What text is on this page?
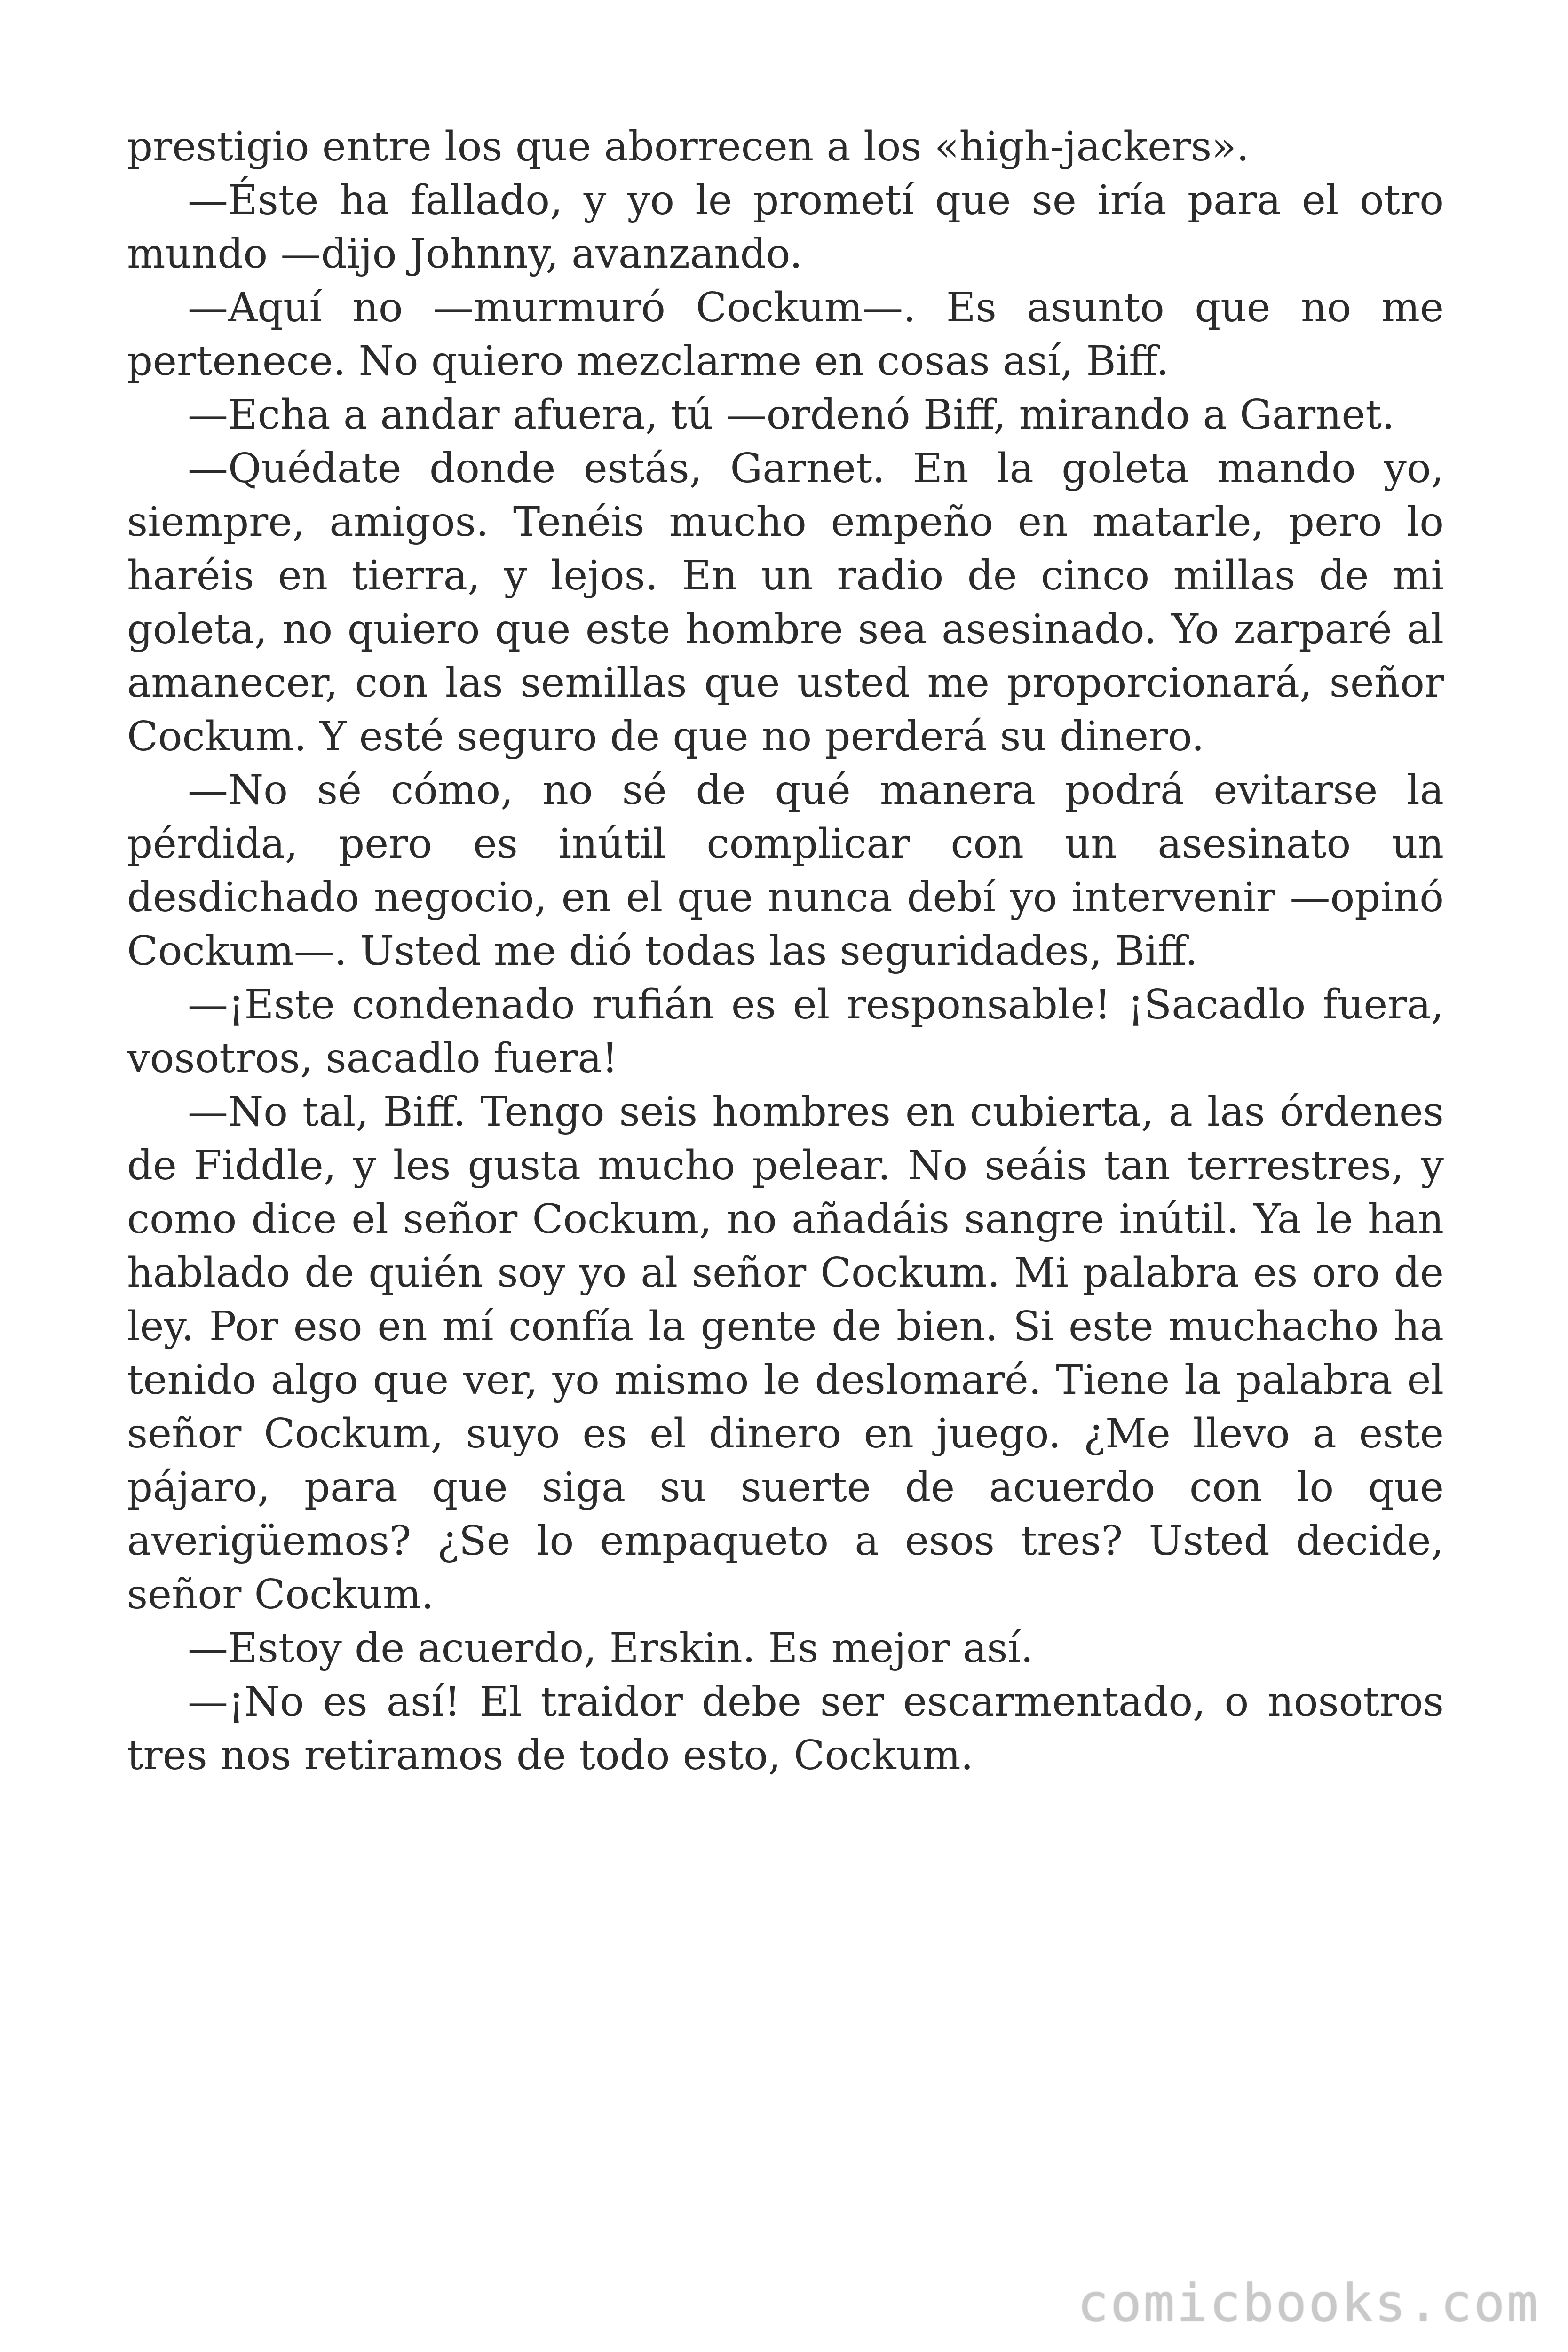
prestigio entre los que aborrecen a los «high-jackers».

—Éste ha fallado, y yo le prometí que se iría para el otro mundo —dijo Johnny, avanzando.

—Aquí no —murmuró Cockum—. Es asunto que no me pertenece. No quiero mezclarme en cosas así, Biff.

—Echa a andar afuera, tú —ordenó Biff, mirando a Garnet.

—Quédate donde estás, Garnet. En la goleta mando yo, siempre, amigos. Tenéis mucho empeño en matarle, pero lo haréis en tierra, y lejos. En un radio de cinco millas de mi goleta, no quiero que este hombre sea asesinado. Yo zarparé al amanecer, con las semillas que usted me proporcionará, señor Cockum. Y esté seguro de que no perderá su dinero.

—No sé cómo, no sé de qué manera podrá evitarse la pérdida, pero es inútil complicar con un asesinato un desdichado negocio, en el que nunca debí yo intervenir —opinó Cockum—. Usted me dió todas las seguridades, Biff.

—¡Este condenado rufián es el responsable! ¡Sacadlo fuera, vosotros, sacadlo fuera!

—No tal, Biff. Tengo seis hombres en cubierta, a las órdenes de Fiddle, y les gusta mucho pelear. No seáis tan terrestres, y como dice el señor Cockum, no añadáis sangre inútil. Ya le han hablado de quién soy yo al señor Cockum. Mi palabra es oro de ley. Por eso en mí confía la gente de bien. Si este muchacho ha tenido algo que ver, yo mismo le deslomaré. Tiene la palabra el señor Cockum, suyo es el dinero en juego. ¿Me llevo a este pájaro, para que siga su suerte de acuerdo con lo que averigüemos? ¿Se lo empaqueto a esos tres? Usted decide, señor Cockum.

—Estoy de acuerdo, Erskin. Es mejor así.

—¡No es así! El traidor debe ser escarmentado, o nosotros tres nos retiramos de todo esto, Cockum.

comicbooks.com
